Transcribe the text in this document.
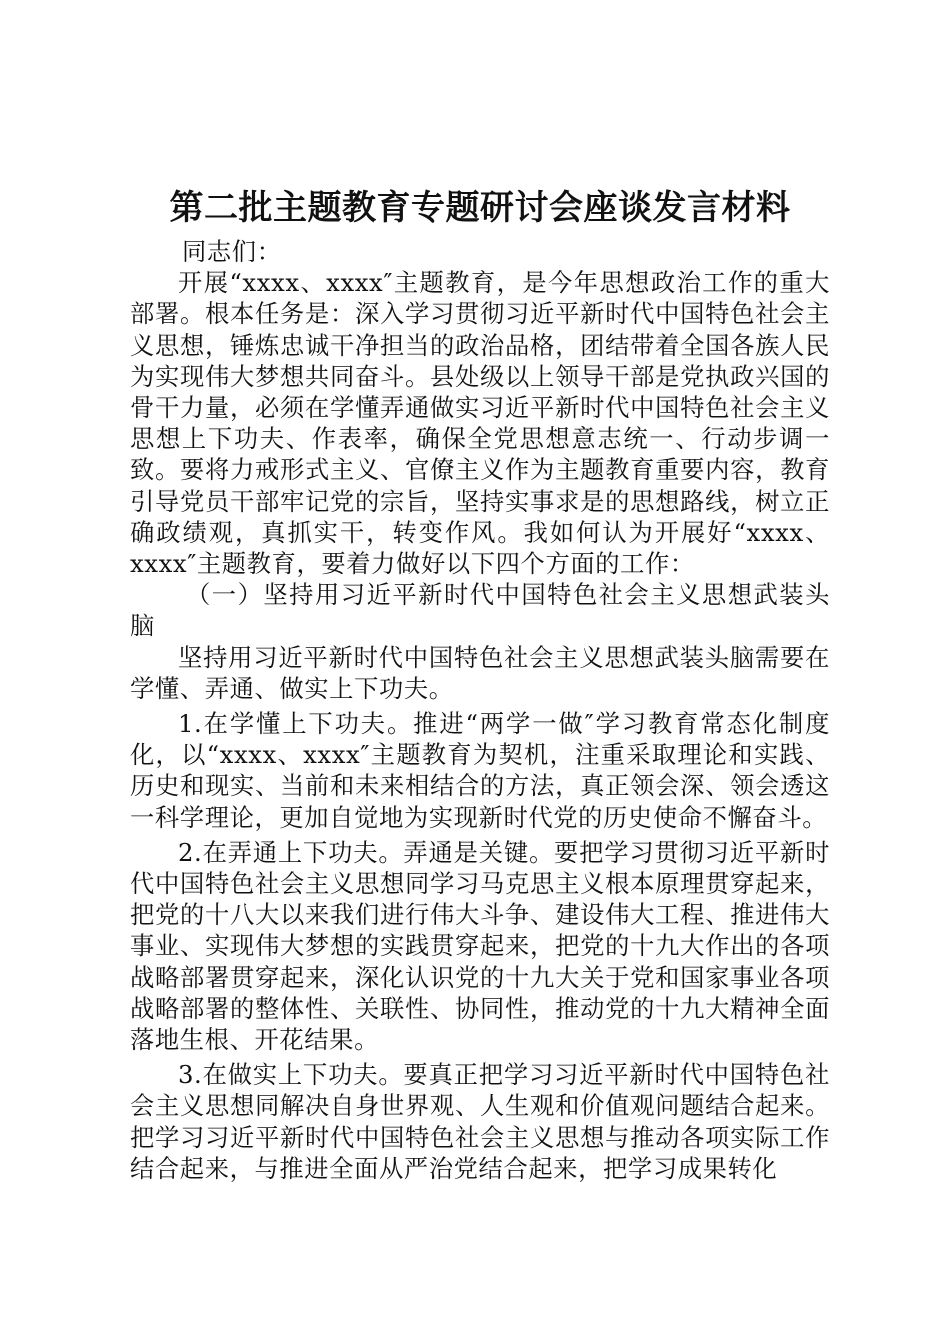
第二批主题教育专题研讨会座谈发言材料

同志们：

开展“xxxx、xxxx″主题教育，是今年思想政治工作的重大部署。根本任务是：深入学习贯彻习近平新时代中国特色社会主义思想，锤炼忠诚干净担当的政治品格，团结带着全国各族人民为实现伟大梦想共同奋斗。县处级以上领导干部是党执政兴国的骨干力量，必须在学懂弄通做实习近平新时代中国特色社会主义思想上下功夫、作表率，确保全党思想意志统一、行动步调一致。要将力戒形式主义、官僚主义作为主题教育重要内容，教育引导党员干部牢记党的宗旨，坚持实事求是的思想路线，树立正确政绩观，真抓实干，转变作风。我如何认为开展好“xxxx、xxxx″主题教育，要着力做好以下四个方面的工作：

（一）坚持用习近平新时代中国特色社会主义思想武装头脑

坚持用习近平新时代中国特色社会主义思想武装头脑需要在学懂、弄通、做实上下功夫。

1.在学懂上下功夫。推进“两学一做″学习教育常态化制度化，以“xxxx、xxxx″主题教育为契机，注重采取理论和实践、历史和现实、当前和未来相结合的方法，真正领会深、领会透这一科学理论，更加自觉地为实现新时代党的历史使命不懈奋斗。

2.在弄通上下功夫。弄通是关键。要把学习贯彻习近平新时代中国特色社会主义思想同学习马克思主义根本原理贯穿起来，把党的十八大以来我们进行伟大斗争、建设伟大工程、推进伟大事业、实现伟大梦想的实践贯穿起来，把党的十九大作出的各项战略部署贯穿起来，深化认识党的十九大关于党和国家事业各项战略部署的整体性、关联性、协同性，推动党的十九大精神全面落地生根、开花结果。

3.在做实上下功夫。要真正把学习习近平新时代中国特色社会主义思想同解决自身世界观、人生观和价值观问题结合起来。把学习习近平新时代中国特色社会主义思想与推动各项实际工作结合起来，与推进全面从严治党结合起来，把学习成果转化
